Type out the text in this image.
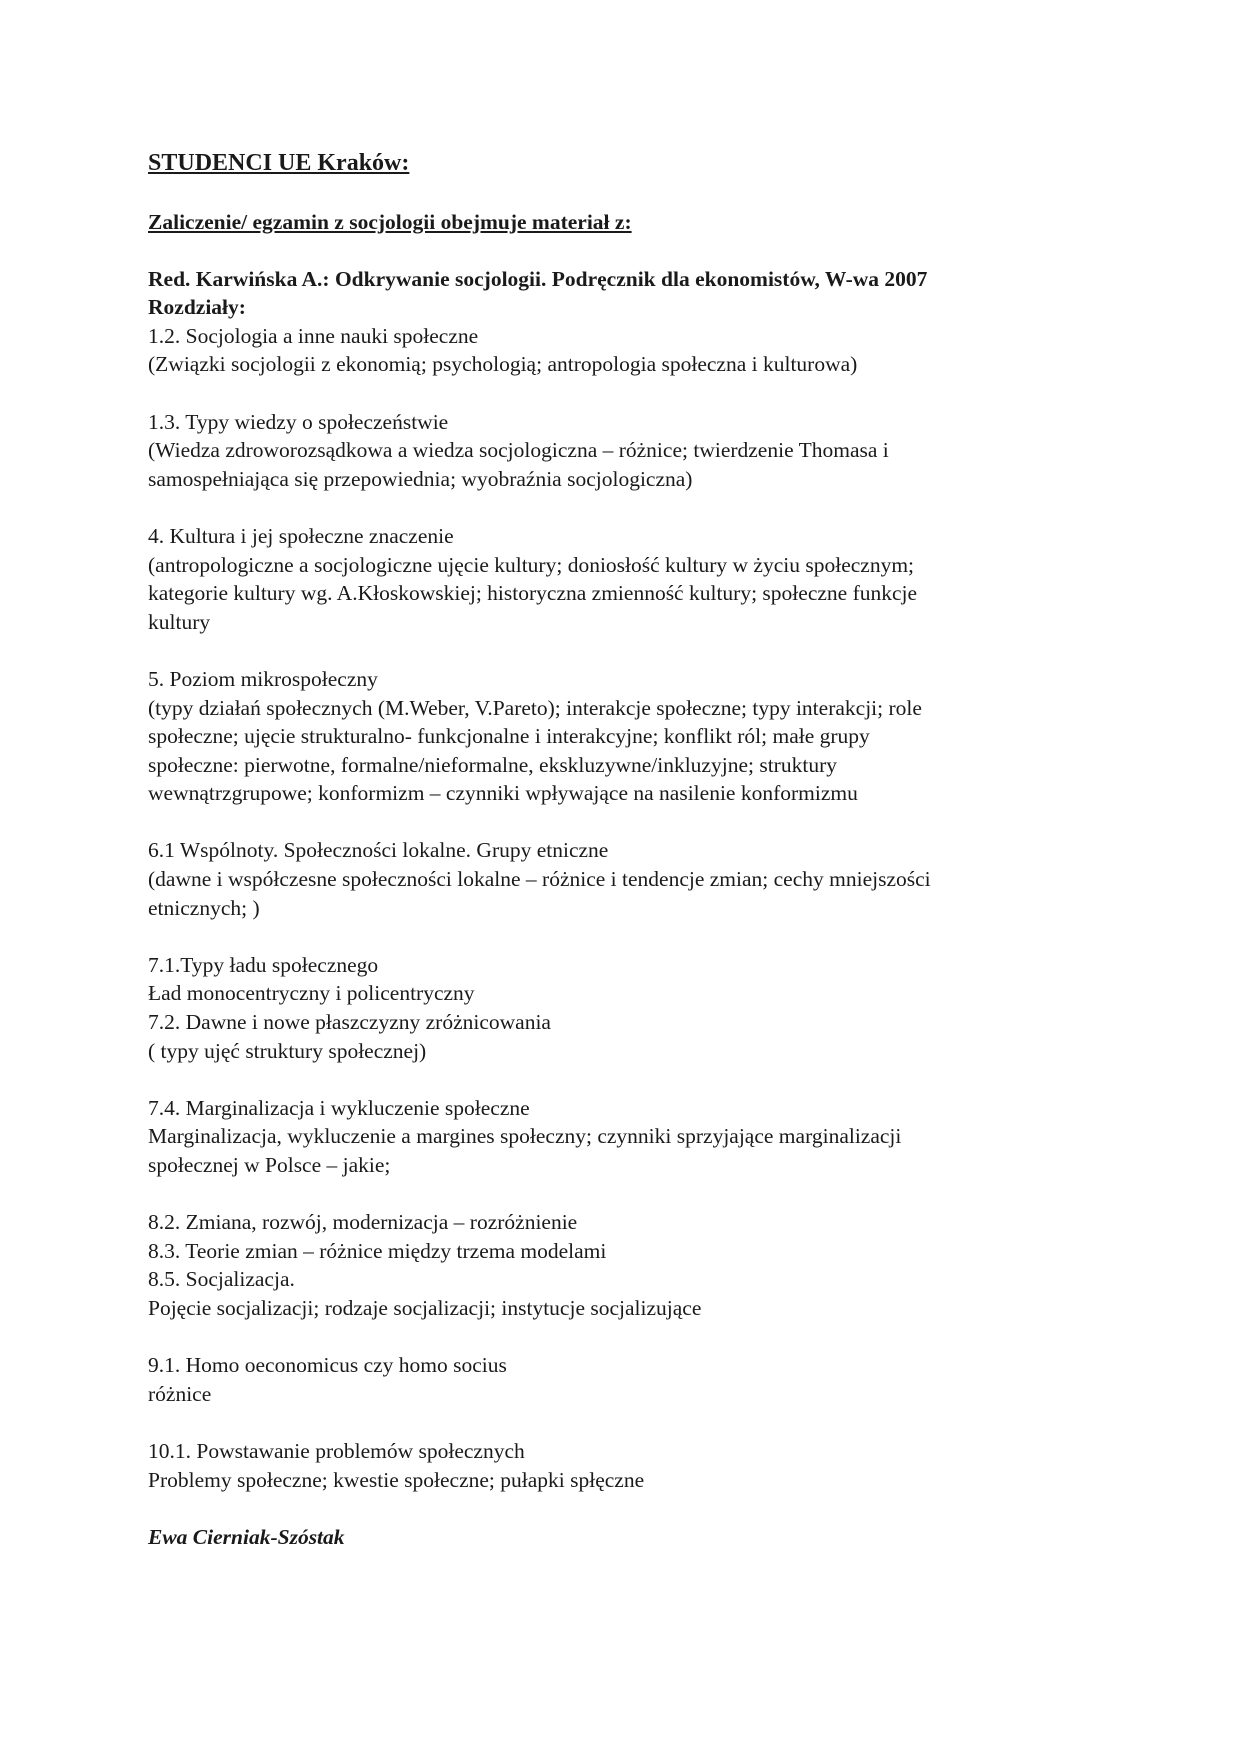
STUDENCI UE Kraków:
Zaliczenie/ egzamin z socjologii obejmuje materiał z:
Red. Karwińska A.: Odkrywanie socjologii. Podręcznik dla ekonomistów, W-wa 2007
Rozdziały:
1.2. Socjologia a inne nauki społeczne
(Związki socjologii z ekonomią; psychologią; antropologia społeczna i kulturowa)
1.3. Typy wiedzy o społeczeństwie
(Wiedza zdroworozsądkowa a wiedza socjologiczna – różnice; twierdzenie Thomasa i
samospełniająca się przepowiednia; wyobraźnia socjologiczna)
4. Kultura i jej społeczne znaczenie
(antropologiczne a socjologiczne ujęcie kultury; doniosłość kultury w życiu społecznym;
kategorie kultury wg. A.Kłoskowskiej; historyczna zmienność kultury; społeczne funkcje
kultury
5. Poziom mikrospołeczny
(typy działań społecznych (M.Weber, V.Pareto); interakcje społeczne; typy interakcji; role
społeczne; ujęcie strukturalno- funkcjonalne i interakcyjne; konflikt ról; małe grupy
społeczne: pierwotne, formalne/nieformalne, ekskluzywne/inkluzyjne; struktury
wewnątrzgrupowe; konformizm – czynniki wpływające na nasilenie konformizmu
6.1 Wspólnoty. Społeczności lokalne. Grupy etniczne
(dawne i współczesne społeczności lokalne – różnice i tendencje zmian; cechy mniejszości
etnicznych; )
7.1.Typy ładu społecznego
Ład monocentryczny i policentryczny
7.2. Dawne i nowe płaszczyzny zróżnicowania
( typy ujęć struktury społecznej)
7.4. Marginalizacja i wykluczenie społeczne
Marginalizacja, wykluczenie a margines społeczny; czynniki sprzyjające marginalizacji
społecznej w Polsce – jakie;
8.2. Zmiana, rozwój, modernizacja – rozróżnienie
8.3. Teorie zmian – różnice między trzema modelami
8.5. Socjalizacja.
Pojęcie socjalizacji; rodzaje socjalizacji; instytucje socjalizujące
9.1. Homo oeconomicus czy homo socius
różnice
10.1. Powstawanie problemów społecznych
Problemy społeczne; kwestie społeczne; pułapki spłęczne
Ewa Cierniak-Szóstak
